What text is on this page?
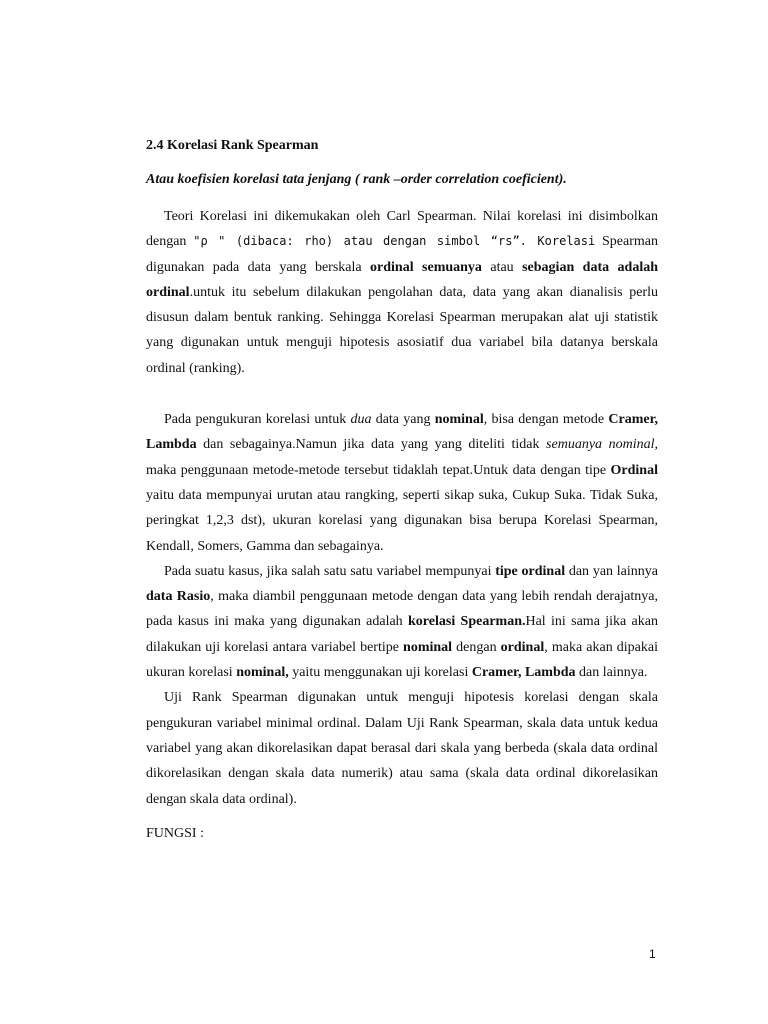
2.4 Korelasi Rank Spearman
Atau koefisien korelasi tata jenjang ( rank –order correlation coeficient).

Teori Korelasi ini dikemukakan oleh Carl Spearman. Nilai korelasi ini disimbolkan dengan "ρ " (dibaca: rho) atau dengan simbol “rs”. Korelasi Spearman digunakan pada data yang berskala ordinal semuanya atau sebagian data adalah ordinal.untuk itu sebelum dilakukan pengolahan data, data yang akan dianalisis perlu disusun dalam bentuk ranking. Sehingga Korelasi Spearman merupakan alat uji statistik yang digunakan untuk menguji hipotesis asosiatif dua variabel bila datanya berskala ordinal (ranking).

Pada pengukuran korelasi untuk dua data yang nominal, bisa dengan metode Cramer, Lambda dan sebagainya.Namun jika data yang yang diteliti tidak semuanya nominal, maka penggunaan metode-metode tersebut tidaklah tepat.Untuk data dengan tipe Ordinal yaitu data mempunyai urutan atau rangking, seperti sikap suka, Cukup Suka. Tidak Suka, peringkat 1,2,3 dst), ukuran korelasi yang digunakan bisa berupa Korelasi Spearman, Kendall, Somers, Gamma dan sebagainya.

Pada suatu kasus, jika salah satu satu variabel mempunyai tipe ordinal dan yan lainnya data Rasio, maka diambil penggunaan metode dengan data yang lebih rendah derajatnya, pada kasus ini maka yang digunakan adalah korelasi Spearman.Hal ini sama jika akan dilakukan uji korelasi antara variabel bertipe nominal dengan ordinal, maka akan dipakai ukuran korelasi nominal, yaitu menggunakan uji korelasi Cramer, Lambda dan lainnya.

Uji Rank Spearman digunakan untuk menguji hipotesis korelasi dengan skala pengukuran variabel minimal ordinal. Dalam Uji Rank Spearman, skala data untuk kedua variabel yang akan dikorelasikan dapat berasal dari skala yang berbeda (skala data ordinal dikorelasikan dengan skala data numerik) atau sama (skala data ordinal dikorelasikan dengan skala data ordinal).

FUNGSI :
1
